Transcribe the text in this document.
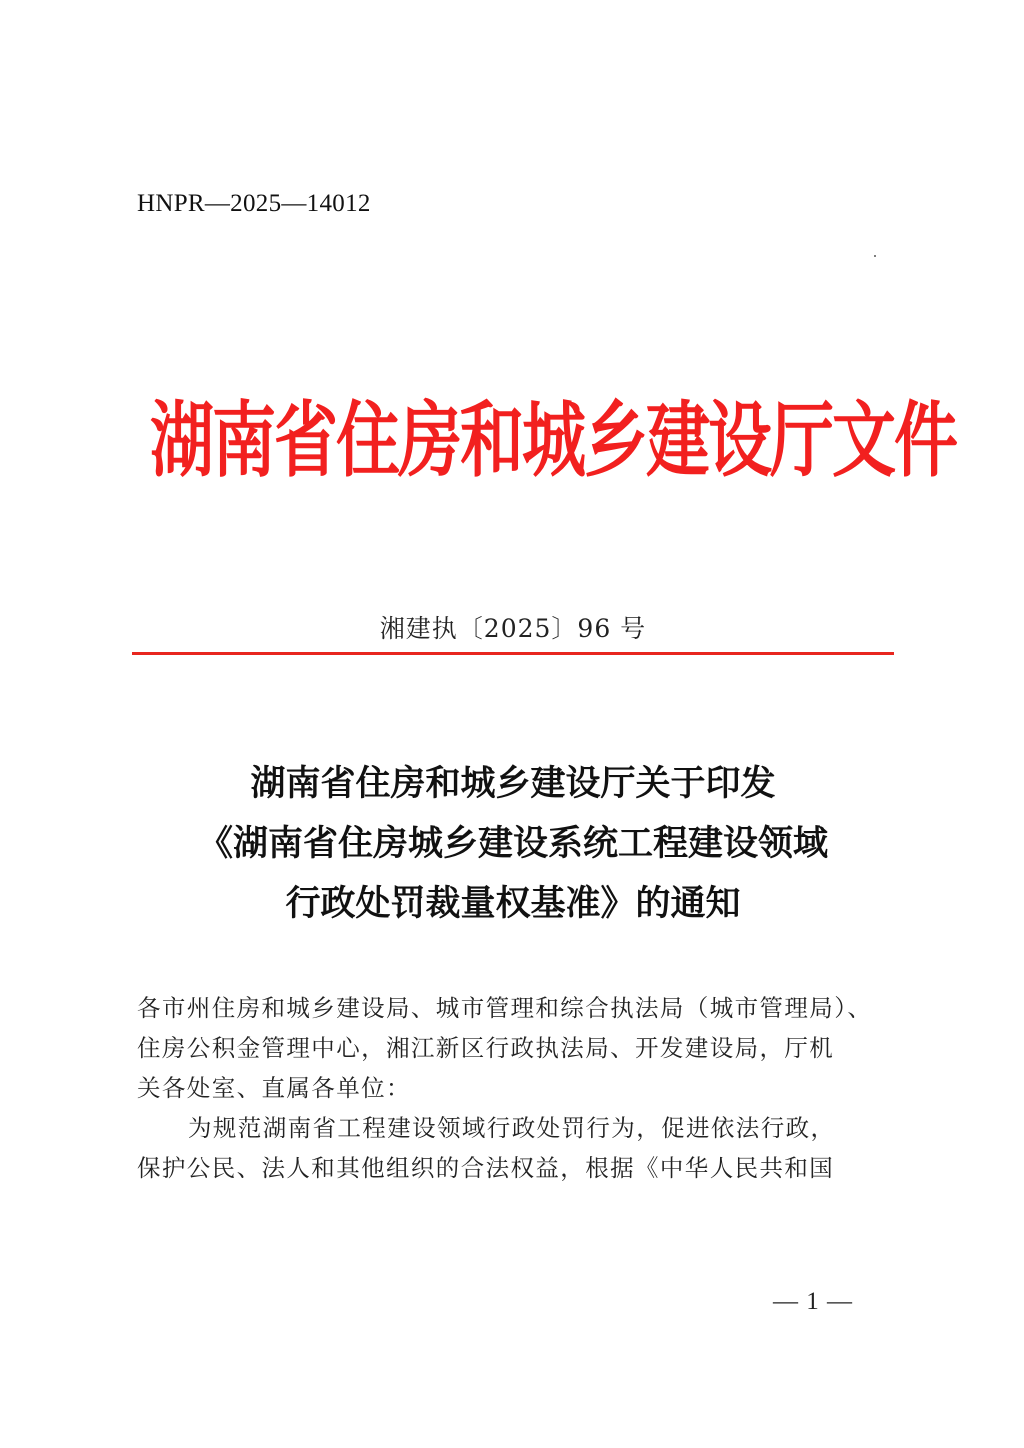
HNPR—2025—14012
湖南省住房和城乡建设厅文件
湘建执〔2025〕96 号
湖南省住房和城乡建设厅关于印发
《湖南省住房城乡建设系统工程建设领域
行政处罚裁量权基准》的通知

各市州住房和城乡建设局、城市管理和综合执法局（城市管理局）、

住房公积金管理中心，湘江新区行政执法局、开发建设局，厅机

关各处室、直属各单位：

为规范湖南省工程建设领域行政处罚行为，促进依法行政，

保护公民、法人和其他组织的合法权益，根据《中华人民共和国

— 1 —
